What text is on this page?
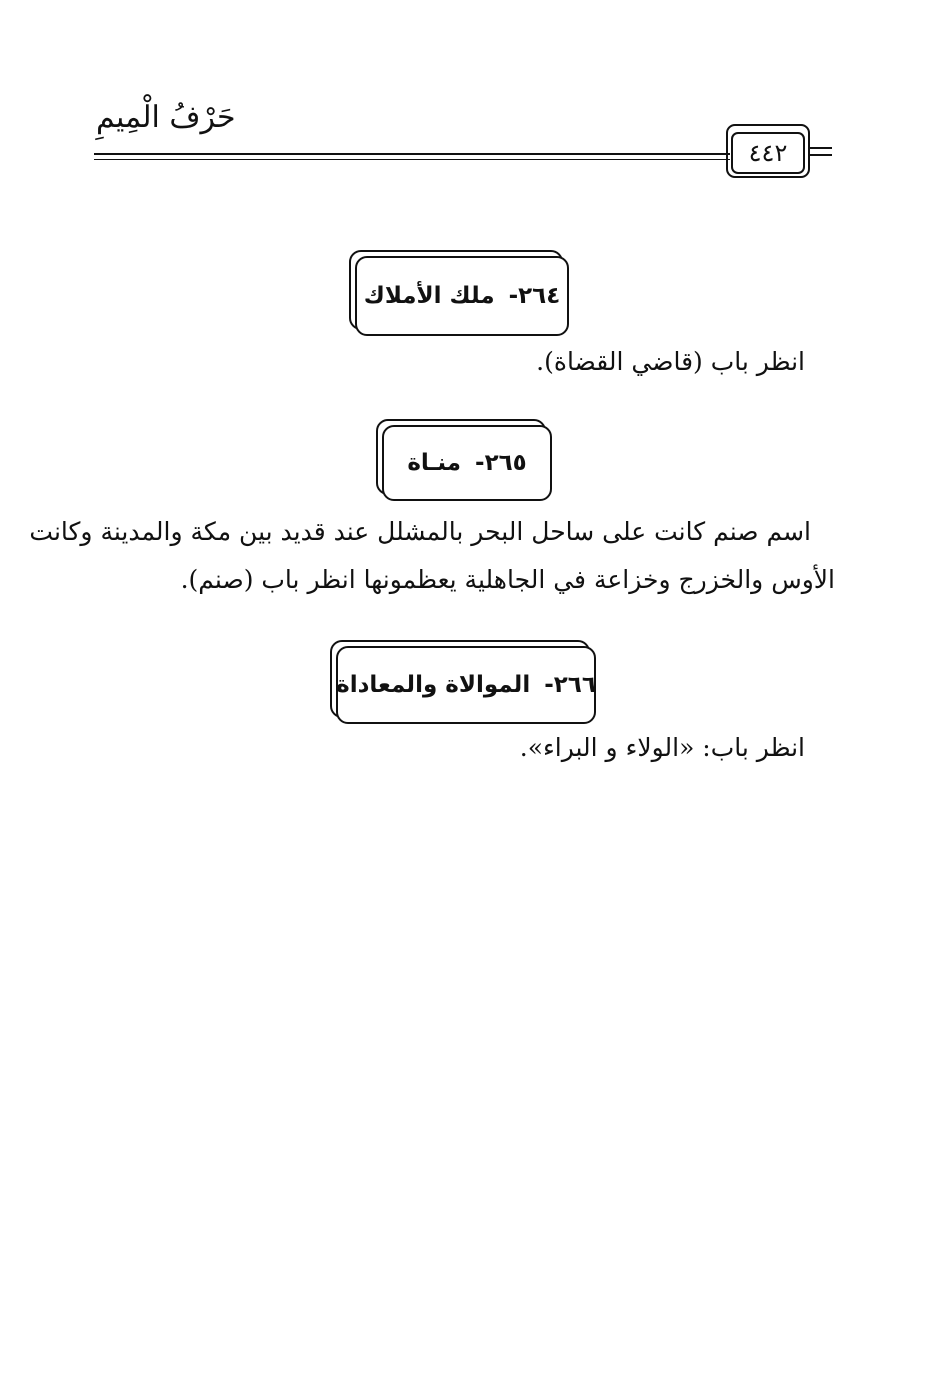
حَرْفُ الْمِيمِ
٤٤٢
٢٦٤-
ملك الأملاك
انظر باب (قاضي القضاة).
٢٦٥-
منـاة
اسم صنم كانت على ساحل البحر بالمشلل عند قديد بين مكة والمدينة وكانت
الأوس والخزرج وخزاعة في الجاهلية يعظمونها انظر باب (صنم).
٢٦٦-
الموالاة والمعاداة
انظر باب: «الولاء و البراء».
